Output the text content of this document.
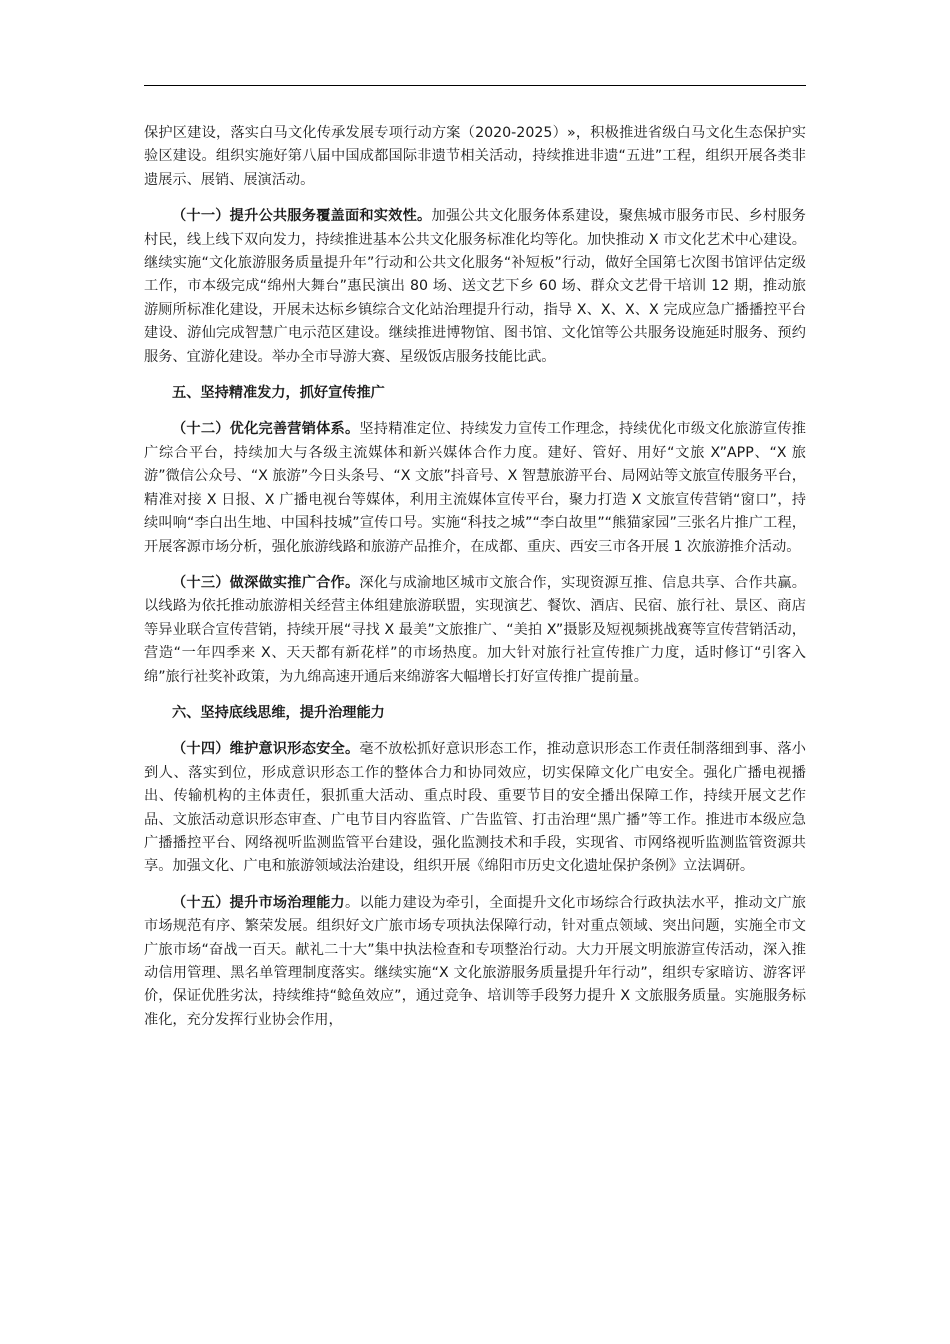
保护区建设，落实白马文化传承发展专项行动方案（2020-2025）»，积极推进省级白马文化生态保护实验区建设。组织实施好第八届中国成都国际非遗节相关活动，持续推进非遗“五进”工程，组织开展各类非遗展示、展销、展演活动。

（十一）提升公共服务覆盖面和实效性。加强公共文化服务体系建设，聚焦城市服务市民、乡村服务村民，线上线下双向发力，持续推进基本公共文化服务标准化均等化。加快推动 X 市文化艺术中心建设。继续实施“文化旅游服务质量提升年”行动和公共文化服务“补短板”行动，做好全国第七次图书馆评估定级工作，市本级完成“绵州大舞台”惠民演出 80 场、送文艺下乡 60 场、群众文艺骨干培训 12 期，推动旅游厕所标准化建设，开展未达标乡镇综合文化站治理提升行动，指导 X、X、X、X 完成应急广播播控平台建设、游仙完成智慧广电示范区建设。继续推进博物馆、图书馆、文化馆等公共服务设施延时服务、预约服务、宜游化建设。举办全市导游大赛、星级饭店服务技能比武。

五、坚持精准发力，抓好宣传推广

（十二）优化完善营销体系。坚持精准定位、持续发力宣传工作理念，持续优化市级文化旅游宣传推广综合平台，持续加大与各级主流媒体和新兴媒体合作力度。建好、管好、用好“文旅 X”APP、“X 旅游”微信公众号、“X 旅游”今日头条号、“X 文旅”抖音号、X 智慧旅游平台、局网站等文旅宣传服务平台，精准对接 X 日报、X 广播电视台等媒体，利用主流媒体宣传平台，聚力打造 X 文旅宣传营销“窗口”，持续叫响“李白出生地、中国科技城”宣传口号。实施“科技之城”“李白故里”“熊猫家园”三张名片推广工程，开展客源市场分析，强化旅游线路和旅游产品推介，在成都、重庆、西安三市各开展 1 次旅游推介活动。

（十三）做深做实推广合作。深化与成渝地区城市文旅合作，实现资源互推、信息共享、合作共赢。以线路为依托推动旅游相关经营主体组建旅游联盟，实现演艺、餐饮、酒店、民宿、旅行社、景区、商店等异业联合宣传营销，持续开展“寻找 X 最美”文旅推广、“美拍 X”摄影及短视频挑战赛等宣传营销活动，营造“一年四季来 X、天天都有新花样”的市场热度。加大针对旅行社宣传推广力度，适时修订“引客入绵”旅行社奖补政策，为九绵高速开通后来绵游客大幅增长打好宣传推广提前量。

六、坚持底线思维，提升治理能力

（十四）维护意识形态安全。毫不放松抓好意识形态工作，推动意识形态工作责任制落细到事、落小到人、落实到位，形成意识形态工作的整体合力和协同效应，切实保障文化广电安全。强化广播电视播出、传输机构的主体责任，狠抓重大活动、重点时段、重要节目的安全播出保障工作，持续开展文艺作品、文旅活动意识形态审查、广电节目内容监管、广告监管、打击治理“黑广播”等工作。推进市本级应急广播播控平台、网络视听监测监管平台建设，强化监测技术和手段，实现省、市网络视听监测监管资源共享。加强文化、广电和旅游领域法治建设，组织开展《绵阳市历史文化遗址保护条例》立法调研。

（十五）提升市场治理能力。以能力建设为牵引，全面提升文化市场综合行政执法水平，推动文广旅市场规范有序、繁荣发展。组织好文广旅市场专项执法保障行动，针对重点领域、突出问题，实施全市文广旅市场“奋战一百天。献礼二十大”集中执法检查和专项整治行动。大力开展文明旅游宣传活动，深入推动信用管理、黑名单管理制度落实。继续实施“X 文化旅游服务质量提升年行动”，组织专家暗访、游客评价，保证优胜劣汰，持续维持“鲶鱼效应”，通过竞争、培训等手段努力提升 X 文旅服务质量。实施服务标准化，充分发挥行业协会作用，
